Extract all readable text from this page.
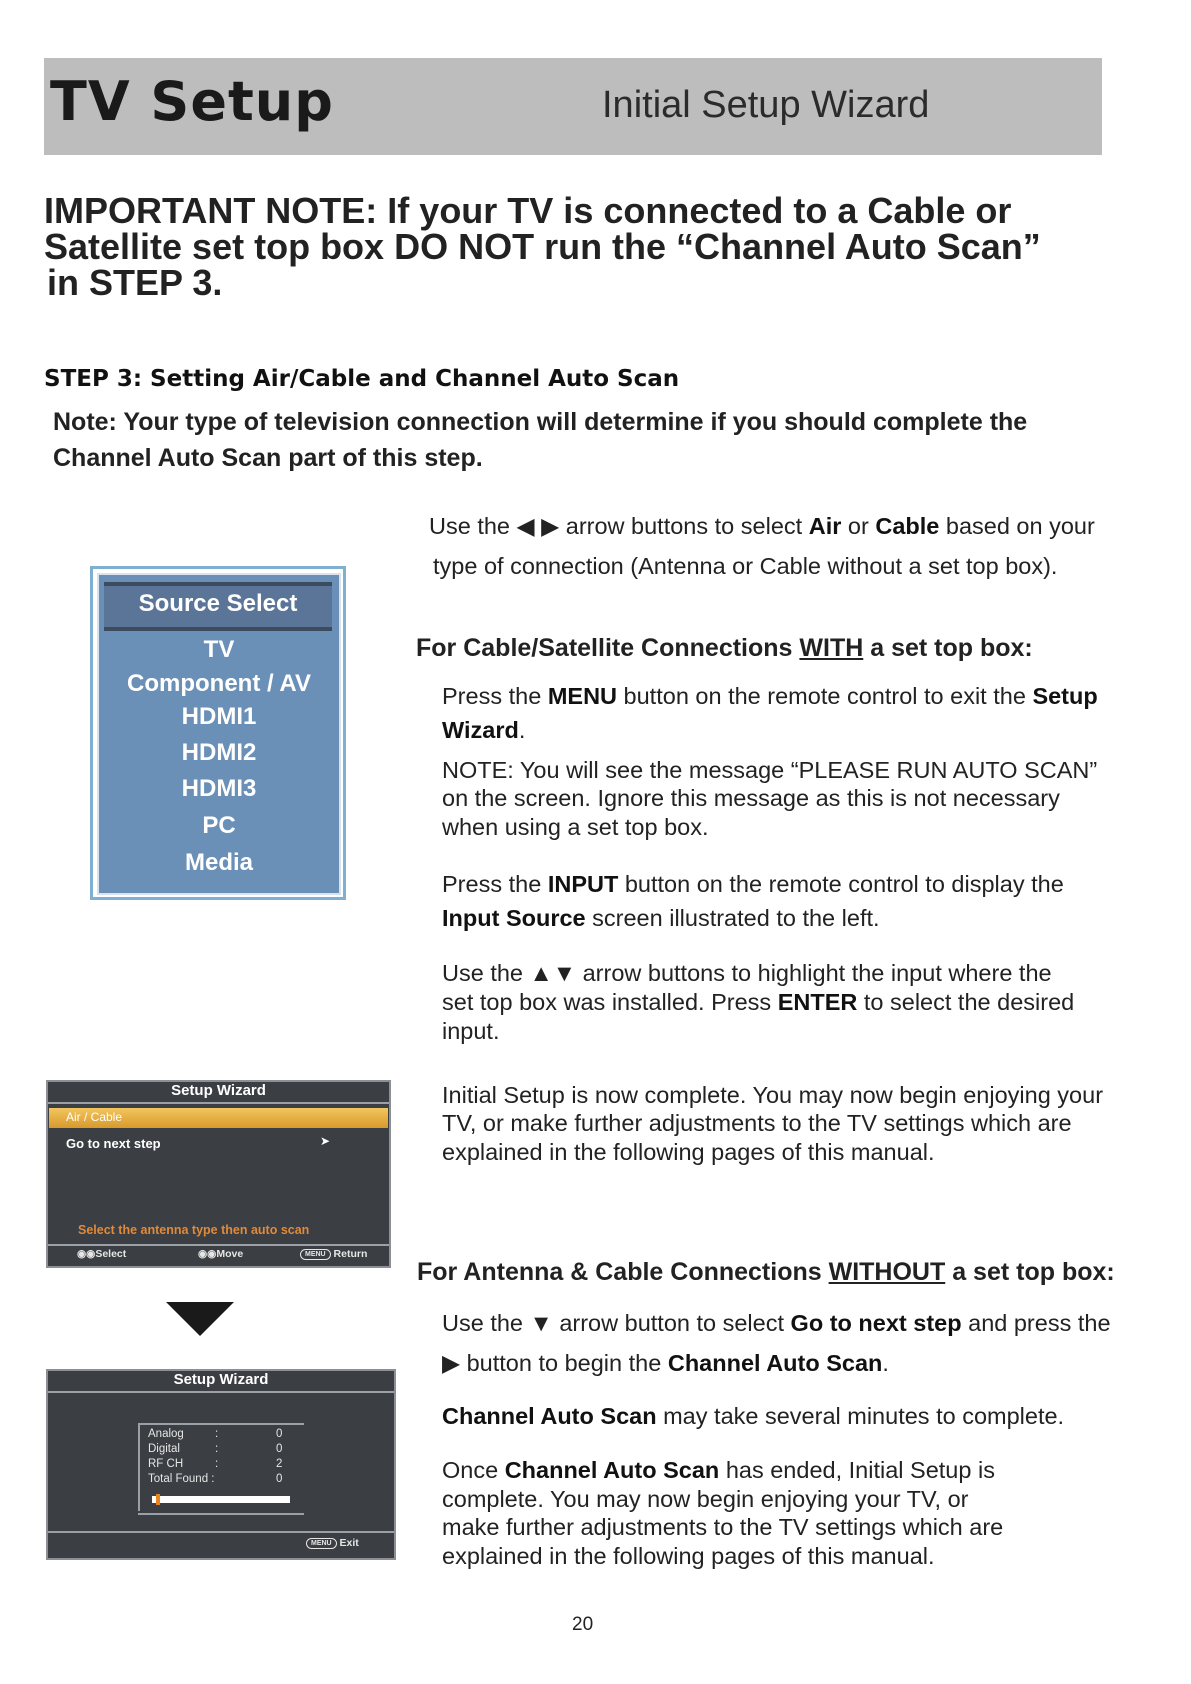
TV Setup	Initial Setup Wizard
IMPORTANT NOTE: If your TV is connected to a Cable or
Satellite set top box DO NOT run the “Channel Auto Scan”
in STEP 3.
STEP 3: Setting Air/Cable and Channel Auto Scan
Note: Your type of television connection will determine if you should complete the
Channel Auto Scan part of this step.
Use the ◀ ▶ arrow buttons to select Air or Cable based on your
type of connection (Antenna or Cable without a set top box).
Source Select
TV
Component / AV
HDMI1
HDMI2
HDMI3
PC
Media
For Cable/Satellite Connections WITH a set top box:
Press the MENU button on the remote control to exit the Setup
Wizard.
NOTE: You will see the message “PLEASE RUN AUTO SCAN”
on the screen. Ignore this message as this is not necessary
when using a set top box.
Press the INPUT button on the remote control to display the
Input Source screen illustrated to the left.
Use the ▲▼ arrow buttons to highlight the input where the
set top box was installed. Press ENTER to select the desired
input.
Initial Setup is now complete. You may now begin enjoying your
TV, or make further adjustments to the TV settings which are
explained in the following pages of this manual.
Setup Wizard
Air / Cable
Go to next step	➤
Select the antenna type then auto scan
◉◉Select	◉◉Move	MENU Return
Setup Wizard
Analog	:	0
Digital	:	0
RF CH	:	2
Total Found :	0
MENU Exit
For Antenna & Cable Connections WITHOUT a set top box:
Use the ▼ arrow button to select Go to next step and press the
▶ button to begin the Channel Auto Scan.
Channel Auto Scan may take several minutes to complete.
Once Channel Auto Scan has ended, Initial Setup is
complete. You may now begin enjoying your TV, or
make further adjustments to the TV settings which are
explained in the following pages of this manual.
20
